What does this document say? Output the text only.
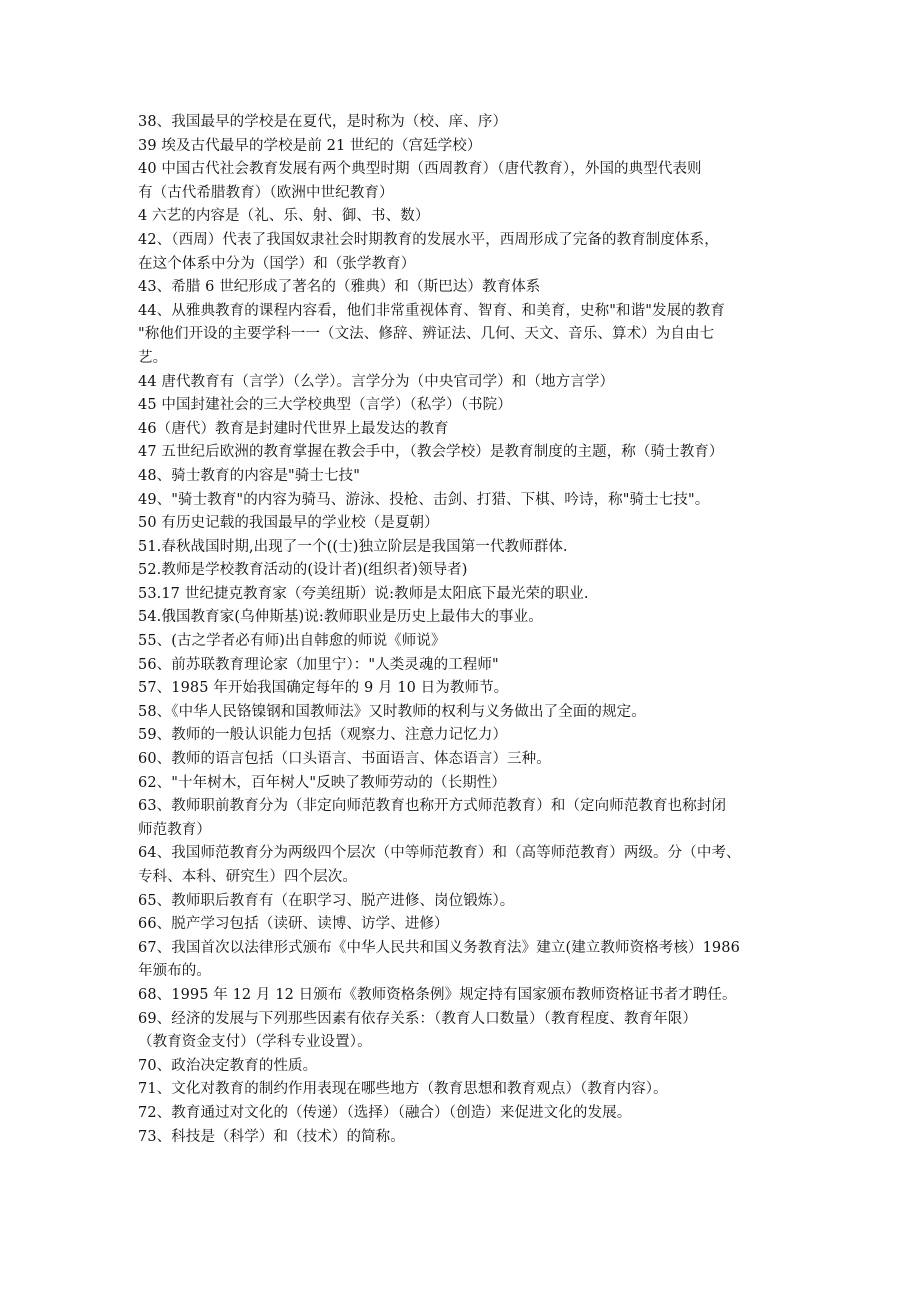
38、我国最早的学校是在夏代，是时称为（校、庠、序）
39 埃及古代最早的学校是前 21 世纪的（宫廷学校）
40 中国古代社会教育发展有两个典型时期（西周教育）（唐代教育），外国的典型代表则
有（古代希腊教育）（欧洲中世纪教育）
4 六艺的内容是（礼、乐、射、御、书、数）
42、（西周）代表了我国奴隶社会时期教育的发展水平，西周形成了完备的教育制度体系，
在这个体系中分为（国学）和（张学教育）
43、希腊 6 世纪形成了著名的（雅典）和（斯巴达）教育体系
44、从雅典教育的课程内容看，他们非常重视体育、智育、和美育，史称"和谐"发展的教育
"称他们开设的主要学科一一（文法、修辞、辨证法、几何、天文、音乐、算术）为自由七
艺。
44 唐代教育有（言学）（么学）。言学分为（中央官司学）和（地方言学）
45 中国封建社会的三大学校典型（言学）（私学）（书院）
46（唐代）教育是封建时代世界上最发达的教育
47 五世纪后欧洲的教育掌握在教会手中，（教会学校）是教育制度的主题，称（骑士教育）
48、骑士教育的内容是"骑士七技"
49、"骑士教育"的内容为骑马、游泳、投枪、击剑、打猎、下棋、吟诗，称"骑士七技"。
50 有历史记载的我国最早的学业校（是夏朝）
51.春秋战国时期,出现了一个((士)独立阶层是我国第一代教师群体.
52.教师是学校教育活动的(设计者)(组织者)领导者)
53.17 世纪捷克教育家（夸美纽斯）说:教师是太阳底下最光荣的职业.
54.俄国教育家(乌伸斯基)说:教师职业是历史上最伟大的事业。
55、(古之学者必有师)出自韩愈的师说《师说》
56、前苏联教育理论家（加里宁）："人类灵魂的工程师"
57、1985 年开始我国确定每年的 9 月 10 日为教师节。
58、《中华人民铬镍钢和国教师法》又时教师的权利与义务做出了全面的规定。
59、教师的一般认识能力包括（观察力、注意力记忆力）
60、教师的语言包括（口头语言、书面语言、体态语言）三种。
62、"十年树木，百年树人"反映了教师劳动的（长期性）
63、教师职前教育分为（非定向师范教育也称开方式师范教育）和（定向师范教育也称封闭
师范教育）
64、我国师范教育分为两级四个层次（中等师范教育）和（高等师范教育）两级。分（中考、
专科、本科、研究生）四个层次。
65、教师职后教育有（在职学习、脱产进修、岗位锻炼）。
66、脱产学习包括（读研、读博、访学、进修）
67、我国首次以法律形式颁布《中华人民共和国义务教育法》建立(建立教师资格考核）1986
年颁布的。
68、1995 年 12 月 12 日颁布《教师资格条例》规定持有国家颁布教师资格证书者才聘任。
69、经济的发展与下列那些因素有依存关系：（教育人口数量）（教育程度、教育年限）
（教育资金支付）（学科专业设置）。
70、政治决定教育的性质。
71、文化对教育的制约作用表现在哪些地方（教育思想和教育观点）（教育内容）。
72、教育通过对文化的（传递）（选择）（融合）（创造）来促进文化的发展。
73、科技是（科学）和（技术）的简称。
